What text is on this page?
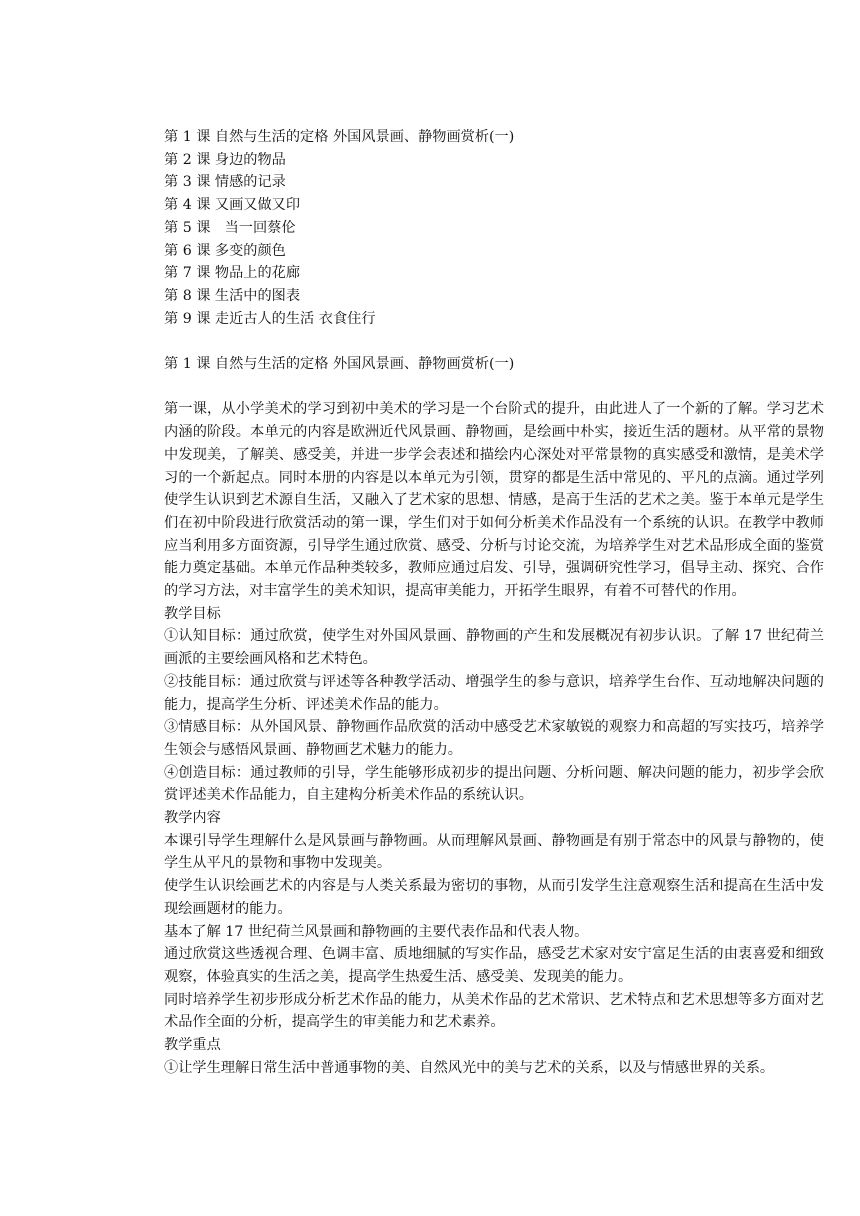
第 1 课 自然与生活的定格 外国风景画、静物画赏析(一)
第 2 课 身边的物品
第 3 课 情感的记录
第 4 课 又画又做又印
第 5 课　当一回蔡伦
第 6 课 多变的颜色
第 7 课 物品上的花廊
第 8 课 生活中的图表
第 9 课 走近古人的生活 衣食住行
第 1 课 自然与生活的定格 外国风景画、静物画赏析(一)

第一课，从小学美术的学习到初中美术的学习是一个台阶式的提升，由此进人了一个新的了解。学习艺术内涵的阶段。本单元的内容是欧洲近代风景画、静物画，是绘画中朴实，接近生活的题材。从平常的景物中发现美，了解美、感受美，并进一步学会表述和描绘内心深处对平常景物的真实感受和激情，是美术学习的一个新起点。同时本册的内容是以本单元为引领，贯穿的都是生活中常见的、平凡的点滴。通过学列使学生认识到艺术源自生活，又融入了艺术家的思想、情感，是高于生活的艺术之美。鉴于本单元是学生们在初中阶段进行欣赏活动的第一课，学生们对于如何分析美术作品没有一个系统的认识。在教学中教师应当利用多方面资源，引导学生通过欣赏、感受、分析与讨论交流，为培养学生对艺术品形成全面的鉴赏能力奠定基础。本单元作品种类较多，教师应通过启发、引导，强调研究性学习，倡导主动、探究、合作的学习方法，对丰富学生的美术知识，提高审美能力，开拓学生眼界，有着不可替代的作用。

教学目标

①认知目标：通过欣赏，使学生对外国风景画、静物画的产生和发展概况有初步认识。了解 17 世纪荷兰画派的主要绘画风格和艺术特色。

②技能目标：通过欣赏与评述等各种教学活动、增强学生的参与意识，培养学生台作、互动地解决问题的能力，提高学生分析、评述美术作品的能力。

③情感目标：从外国风景、静物画作品欣赏的活动中感受艺术家敏锐的观察力和高超的写实技巧，培养学生领会与感悟风景画、静物画艺术魅力的能力。

④创造目标：通过教师的引导，学生能够形成初步的提出问题、分析问题、解决问题的能力，初步学会欣赏评述美术作品能力，自主建构分析美术作品的系统认识。

教学内容

本课引导学生理解什么是风景画与静物画。从而理解风景画、静物画是有别于常态中的风景与静物的，使学生从平凡的景物和事物中发现美。

使学生认识绘画艺术的内容是与人类关系最为密切的事物，从而引发学生注意观察生活和提高在生活中发现绘画题材的能力。

基本了解 17 世纪荷兰风景画和静物画的主要代表作品和代表人物。

通过欣赏这些透视合理、色调丰富、质地细腻的写实作品，感受艺术家对安宁富足生活的由衷喜爱和细致观察，体验真实的生活之美，提高学生热爱生活、感受美、发现美的能力。

同时培养学生初步形成分析艺术作品的能力，从美术作品的艺术常识、艺术特点和艺术思想等多方面对艺术品作全面的分析，提高学生的审美能力和艺术素养。

教学重点

①让学生理解日常生活中普通事物的美、自然风光中的美与艺术的关系，以及与情感世界的关系。
